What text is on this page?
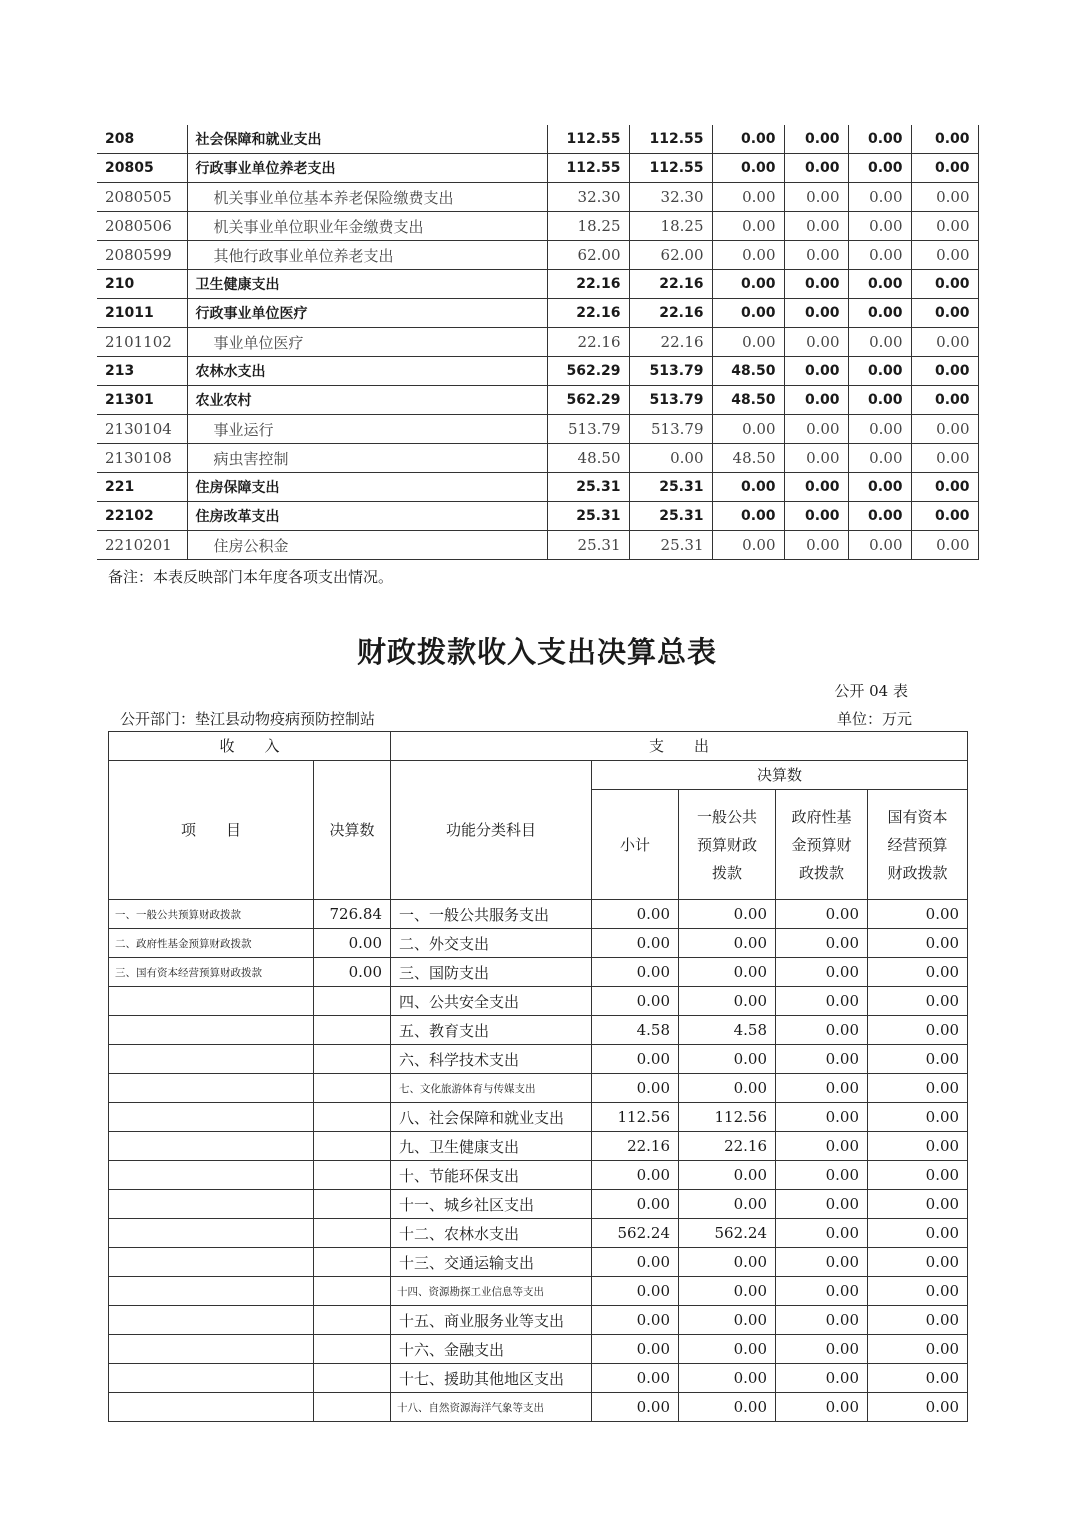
208	社会保障和就业支出	112.55	112.55	0.00	0.00	0.00	0.00
20805	行政事业单位养老支出	112.55	112.55	0.00	0.00	0.00	0.00
2080505	机关事业单位基本养老保险缴费支出	32.30	32.30	0.00	0.00	0.00	0.00
2080506	机关事业单位职业年金缴费支出	18.25	18.25	0.00	0.00	0.00	0.00
2080599	其他行政事业单位养老支出	62.00	62.00	0.00	0.00	0.00	0.00
210	卫生健康支出	22.16	22.16	0.00	0.00	0.00	0.00
21011	行政事业单位医疗	22.16	22.16	0.00	0.00	0.00	0.00
2101102	事业单位医疗	22.16	22.16	0.00	0.00	0.00	0.00
213	农林水支出	562.29	513.79	48.50	0.00	0.00	0.00
21301	农业农村	562.29	513.79	48.50	0.00	0.00	0.00
2130104	事业运行	513.79	513.79	0.00	0.00	0.00	0.00
2130108	病虫害控制	48.50	0.00	48.50	0.00	0.00	0.00
221	住房保障支出	25.31	25.31	0.00	0.00	0.00	0.00
22102	住房改革支出	25.31	25.31	0.00	0.00	0.00	0.00
2210201	住房公积金	25.31	25.31	0.00	0.00	0.00	0.00
备注：本表反映部门本年度各项支出情况。
财政拨款收入支出决算总表
公开 04 表
公开部门：垫江县动物疫病预防控制站	单位：万元
收　　入		支　　出				
项　　目	决算数	功能分类科目	决算数			
			小计	一般公共预算财政拨款	政府性基金预算财政拨款	国有资本经营预算财政拨款
一、一般公共预算财政拨款	726.84	一、一般公共服务支出	0.00	0.00	0.00	0.00
二、政府性基金预算财政拨款	0.00	二、外交支出	0.00	0.00	0.00	0.00
三、国有资本经营预算财政拨款	0.00	三、国防支出	0.00	0.00	0.00	0.00
		四、公共安全支出	0.00	0.00	0.00	0.00
		五、教育支出	4.58	4.58	0.00	0.00
		六、科学技术支出	0.00	0.00	0.00	0.00
		七、文化旅游体育与传媒支出	0.00	0.00	0.00	0.00
		八、社会保障和就业支出	112.56	112.56	0.00	0.00
		九、卫生健康支出	22.16	22.16	0.00	0.00
		十、节能环保支出	0.00	0.00	0.00	0.00
		十一、城乡社区支出	0.00	0.00	0.00	0.00
		十二、农林水支出	562.24	562.24	0.00	0.00
		十三、交通运输支出	0.00	0.00	0.00	0.00
		十四、资源勘探工业信息等支出	0.00	0.00	0.00	0.00
		十五、商业服务业等支出	0.00	0.00	0.00	0.00
		十六、金融支出	0.00	0.00	0.00	0.00
		十七、援助其他地区支出	0.00	0.00	0.00	0.00
		十八、自然资源海洋气象等支出	0.00	0.00	0.00	0.00
